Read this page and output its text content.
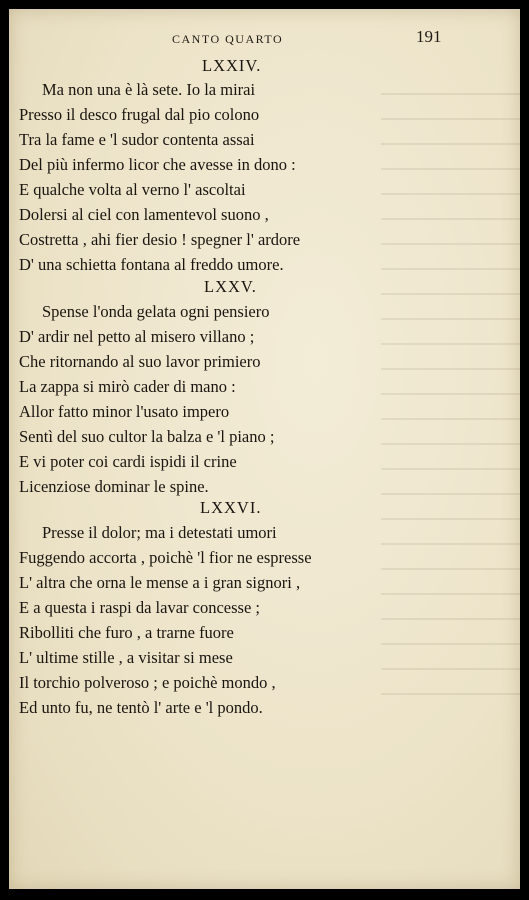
CANTO QUARTO	191
LXXIV.
Ma non una è là sete. Io la mirai
Presso il desco frugal dal pio colono
Tra la fame e 'l sudor contenta assai
Del più infermo licor che avesse in dono :
E qualche volta al verno l' ascoltai
Dolersi al ciel con lamentevol suono ,
Costretta , ahi fier desio ! spegner l' ardore
D' una schietta fontana al freddo umore.
LXXV.
Spense l'onda gelata ogni pensiero
D' ardir nel petto al misero villano ;
Che ritornando al suo lavor primiero
La zappa si mirò cader di mano :
Allor fatto minor l'usato impero
Sentì del suo cultor la balza e 'l piano ;
E vi poter coi cardi ispidi il crine
Licenziose dominar le spine.
LXXVI.
Presse il dolor; ma i detestati umori
Fuggendo accorta , poichè 'l fior ne espresse
L' altra che orna le mense a i gran signori ,
E a questa i raspi da lavar concesse ;
Ribolliti che furo , a trarne fuore
L' ultime stille , a visitar si mese
Il torchio polveroso ; e poichè mondo ,
Ed unto fu, ne tentò l' arte e 'l pondo.
